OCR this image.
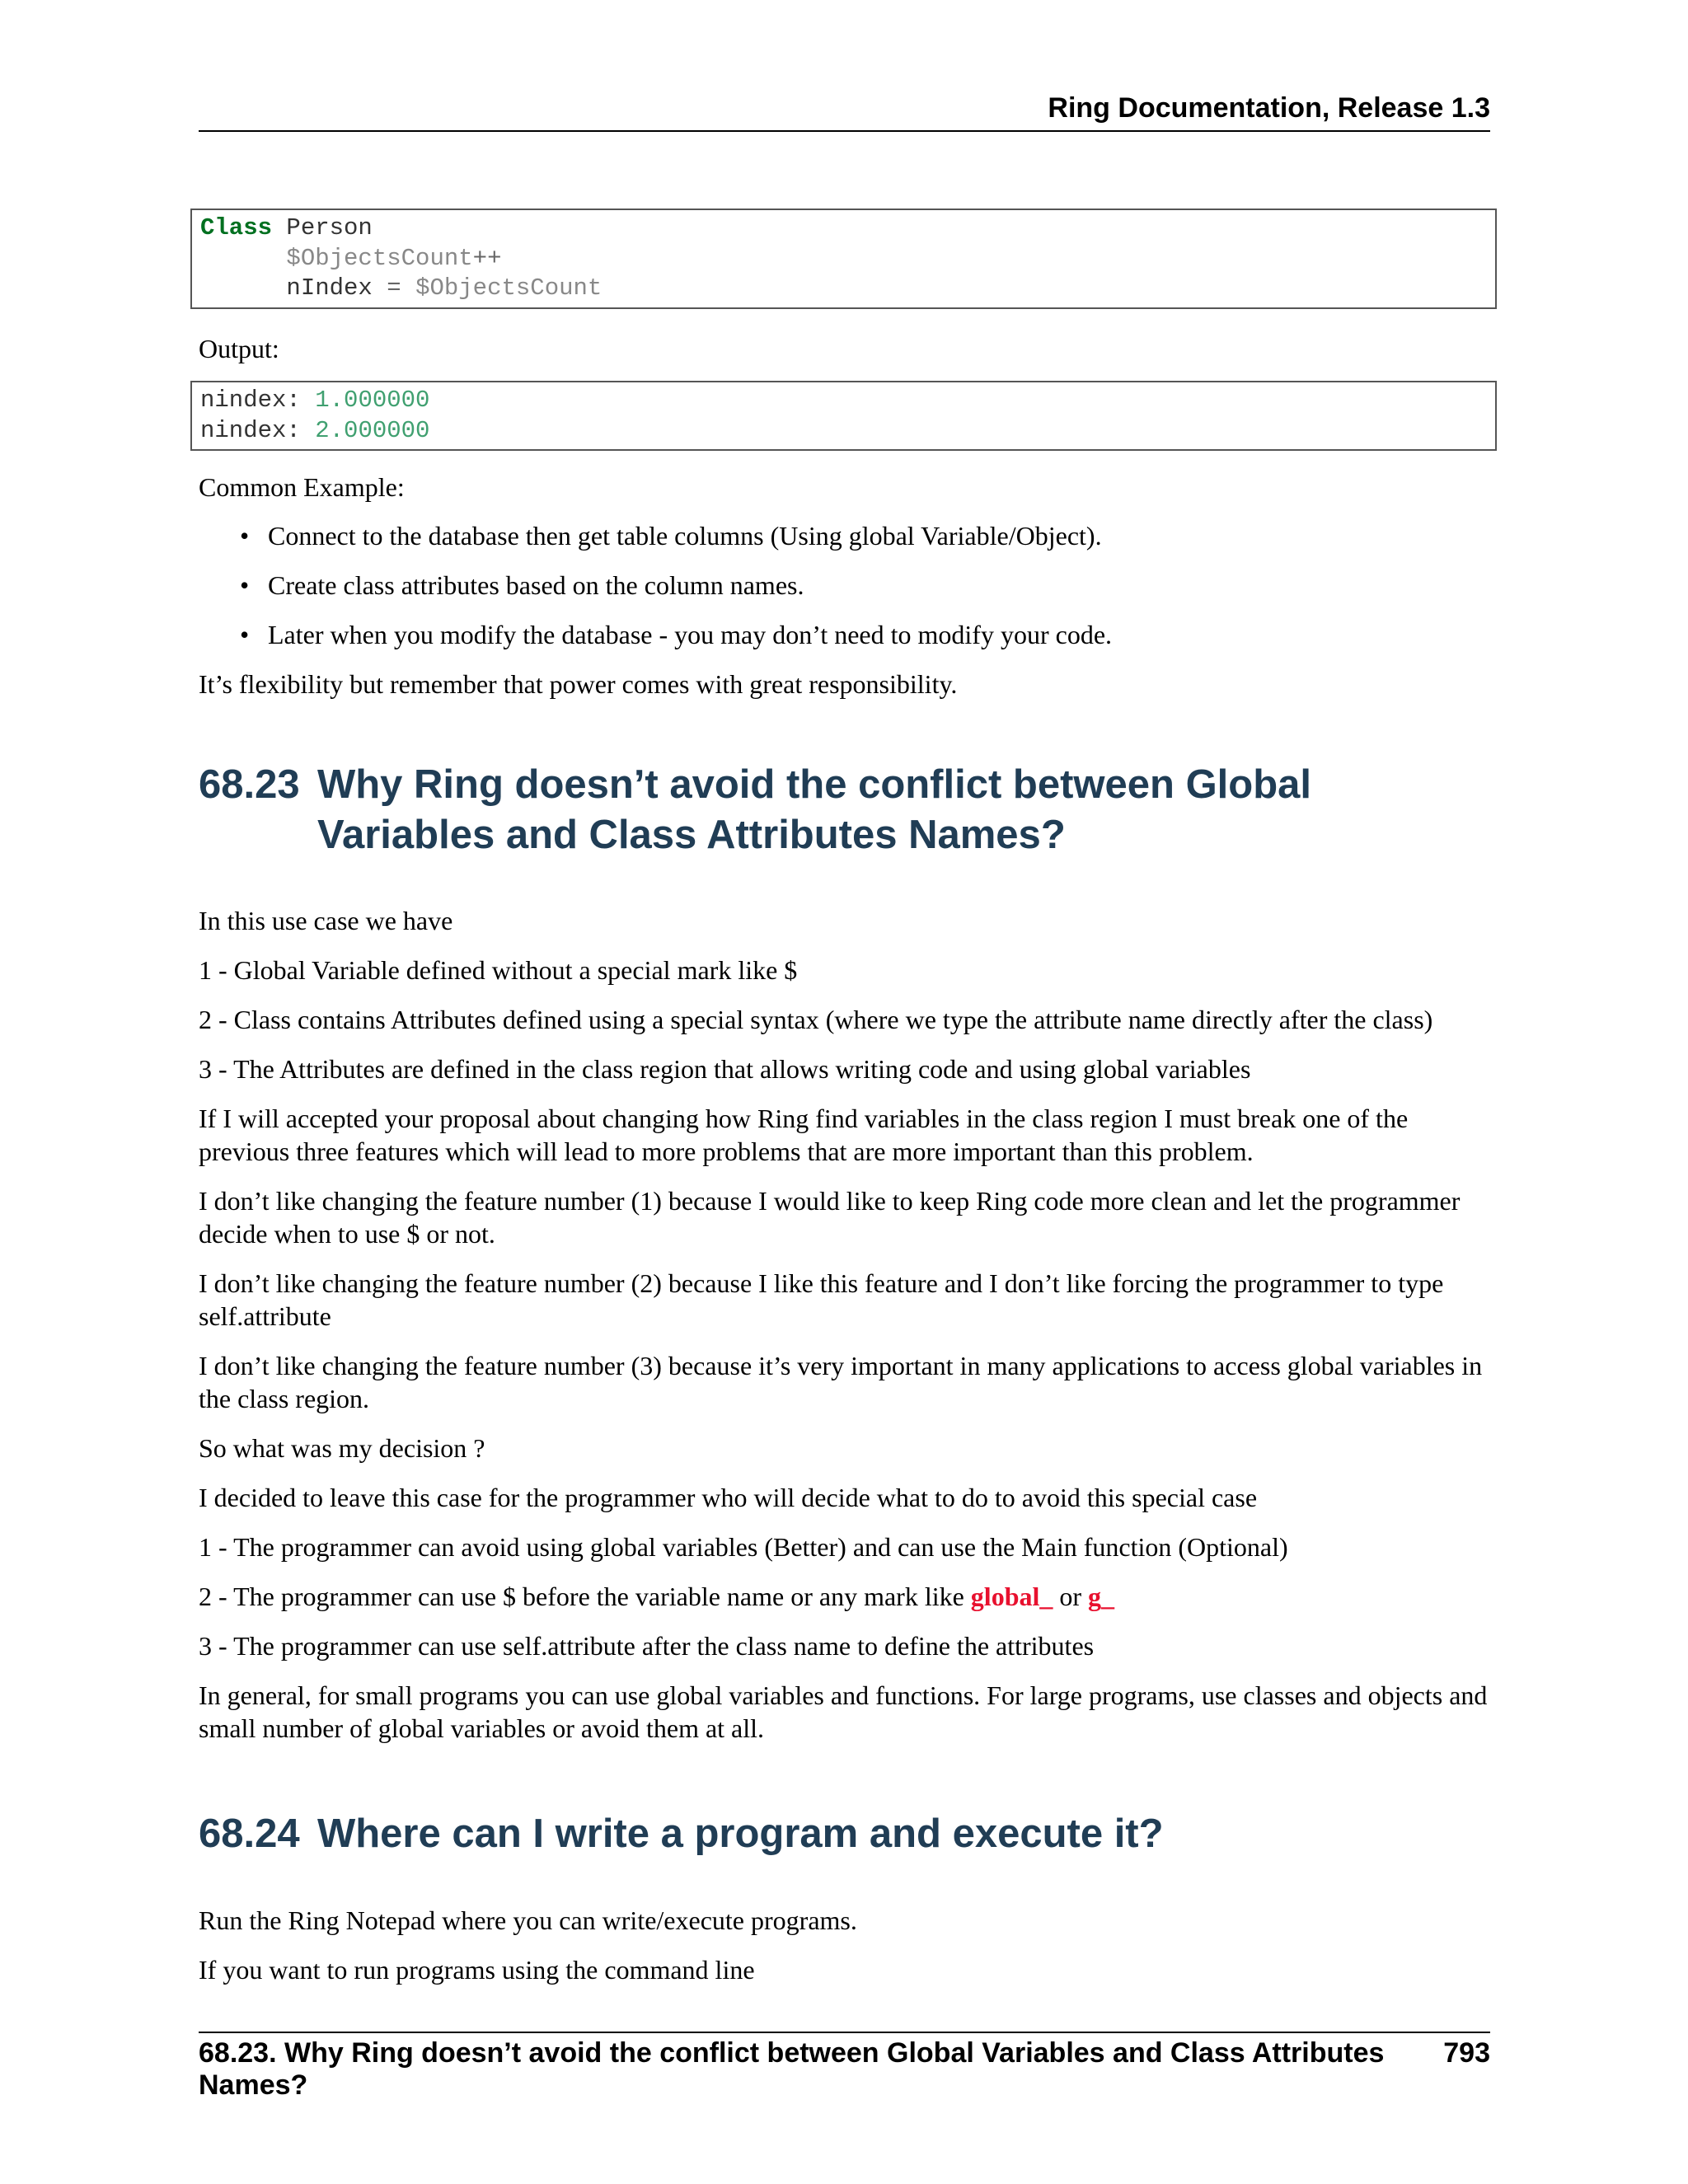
Ring Documentation, Release 1.3
Class Person
$ObjectsCount++
nIndex = $ObjectsCount
Output:
nindex: 1.000000
nindex: 2.000000
Common Example:
• Connect to the database then get table columns (Using global Variable/Object).
• Create class attributes based on the column names.
• Later when you modify the database - you may don’t need to modify your code.
It’s flexibility but remember that power comes with great responsibility.
68.23 Why Ring doesn’t avoid the conflict between Global Variables and Class Attributes Names?
In this use case we have
1 - Global Variable defined without a special mark like $
2 - Class contains Attributes defined using a special syntax (where we type the attribute name directly after the class)
3 - The Attributes are defined in the class region that allows writing code and using global variables
If I will accepted your proposal about changing how Ring find variables in the class region I must break one of the previous three features which will lead to more problems that are more important than this problem.
I don’t like changing the feature number (1) because I would like to keep Ring code more clean and let the programmer decide when to use $ or not.
I don’t like changing the feature number (2) because I like this feature and I don’t like forcing the programmer to type self.attribute
I don’t like changing the feature number (3) because it’s very important in many applications to access global variables in the class region.
So what was my decision ?
I decided to leave this case for the programmer who will decide what to do to avoid this special case
1 - The programmer can avoid using global variables (Better) and can use the Main function (Optional)
2 - The programmer can use $ before the variable name or any mark like global_ or g_
3 - The programmer can use self.attribute after the class name to define the attributes
In general, for small programs you can use global variables and functions. For large programs, use classes and objects and small number of global variables or avoid them at all.
68.24 Where can I write a program and execute it?
Run the Ring Notepad where you can write/execute programs.
If you want to run programs using the command line
68.23. Why Ring doesn’t avoid the conflict between Global Variables and Class Attributes Names?
793
